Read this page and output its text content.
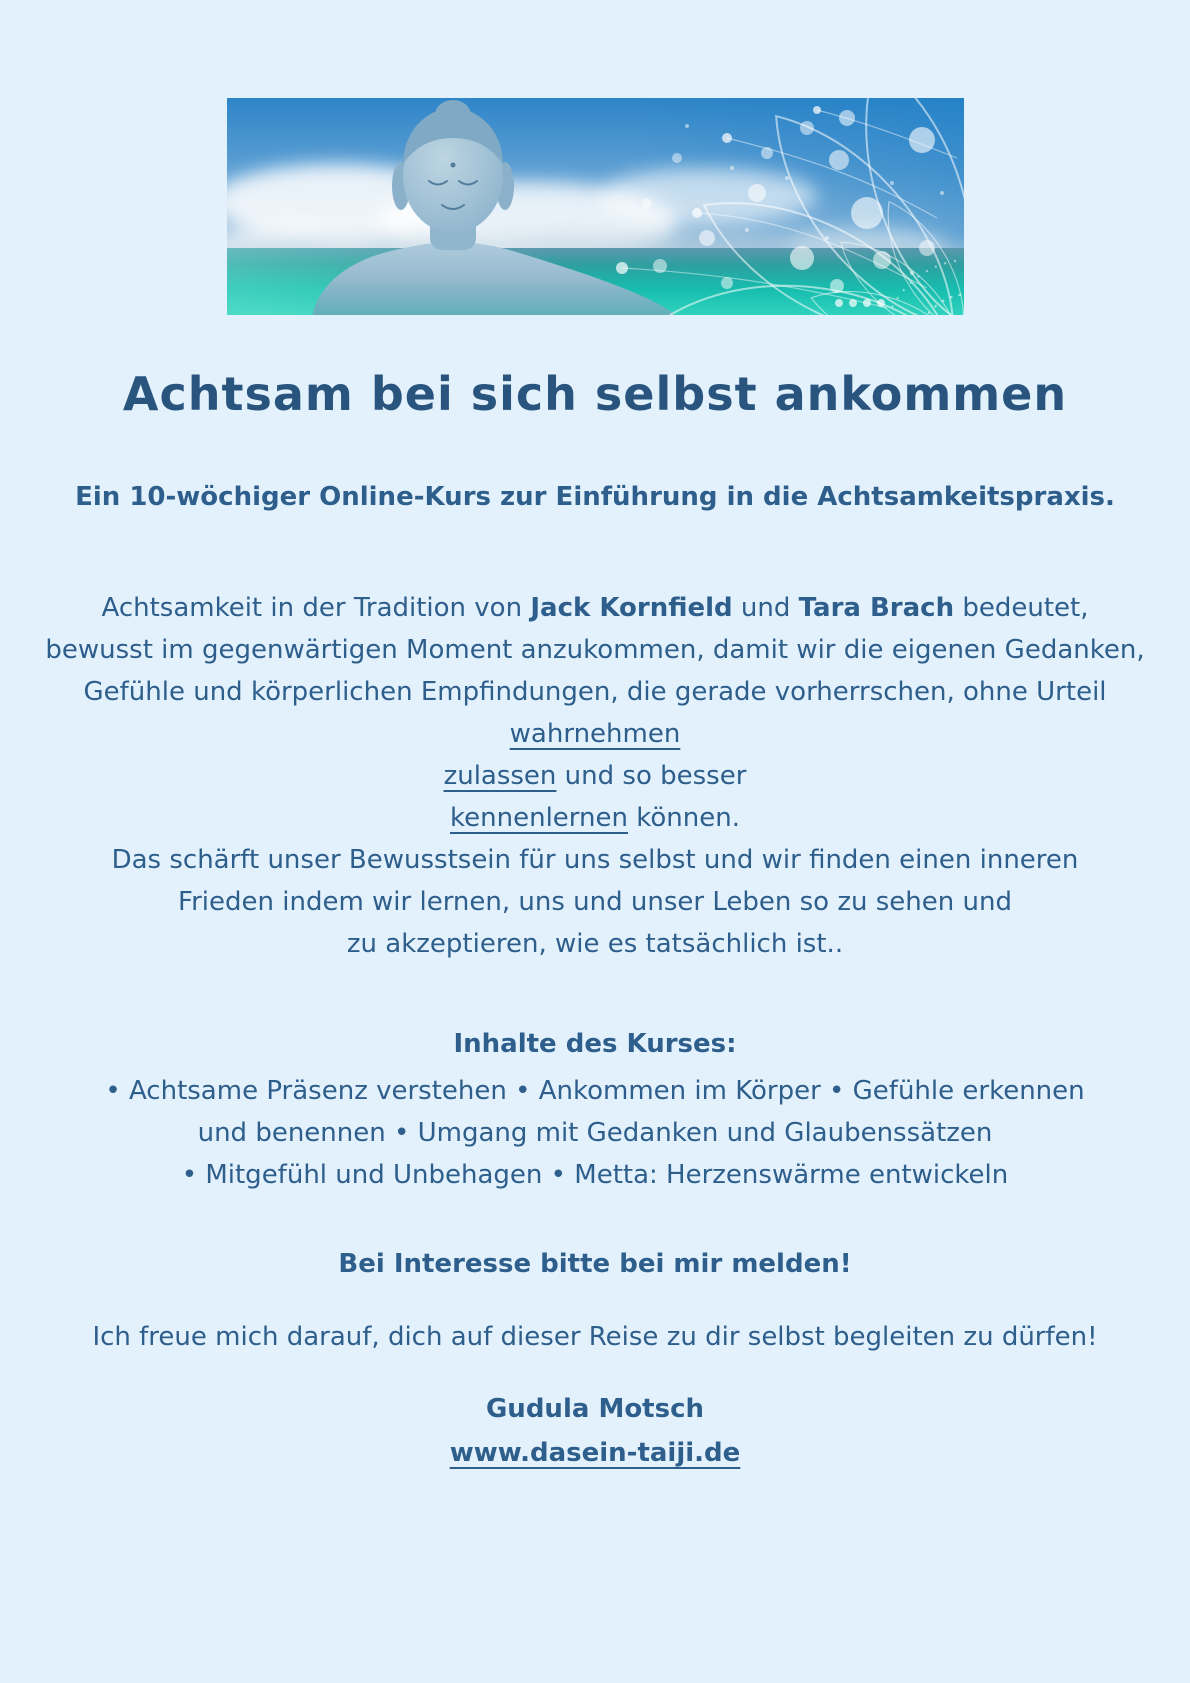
Achtsam bei sich selbst ankommen
Ein 10-wöchiger Online-Kurs zur Einführung in die Achtsamkeitspraxis.
Achtsamkeit in der Tradition von Jack Kornfield und Tara Brach bedeutet,
bewusst im gegenwärtigen Moment anzukommen, damit wir die eigenen Gedanken,
Gefühle und körperlichen Empfindungen, die gerade vorherrschen, ohne Urteil
wahrnehmen
zulassen und so besser
kennenlernen können.
Das schärft unser Bewusstsein für uns selbst und wir finden einen inneren
Frieden indem wir lernen, uns und unser Leben so zu sehen und
zu akzeptieren, wie es tatsächlich ist..
Inhalte des Kurses:
• Achtsame Präsenz verstehen • Ankommen im Körper • Gefühle erkennen
und benennen • Umgang mit Gedanken und Glaubenssätzen
• Mitgefühl und Unbehagen • Metta: Herzenswärme entwickeln
Bei Interesse bitte bei mir melden!
Ich freue mich darauf, dich auf dieser Reise zu dir selbst begleiten zu dürfen!
Gudula Motsch
www.dasein-taiji.de
